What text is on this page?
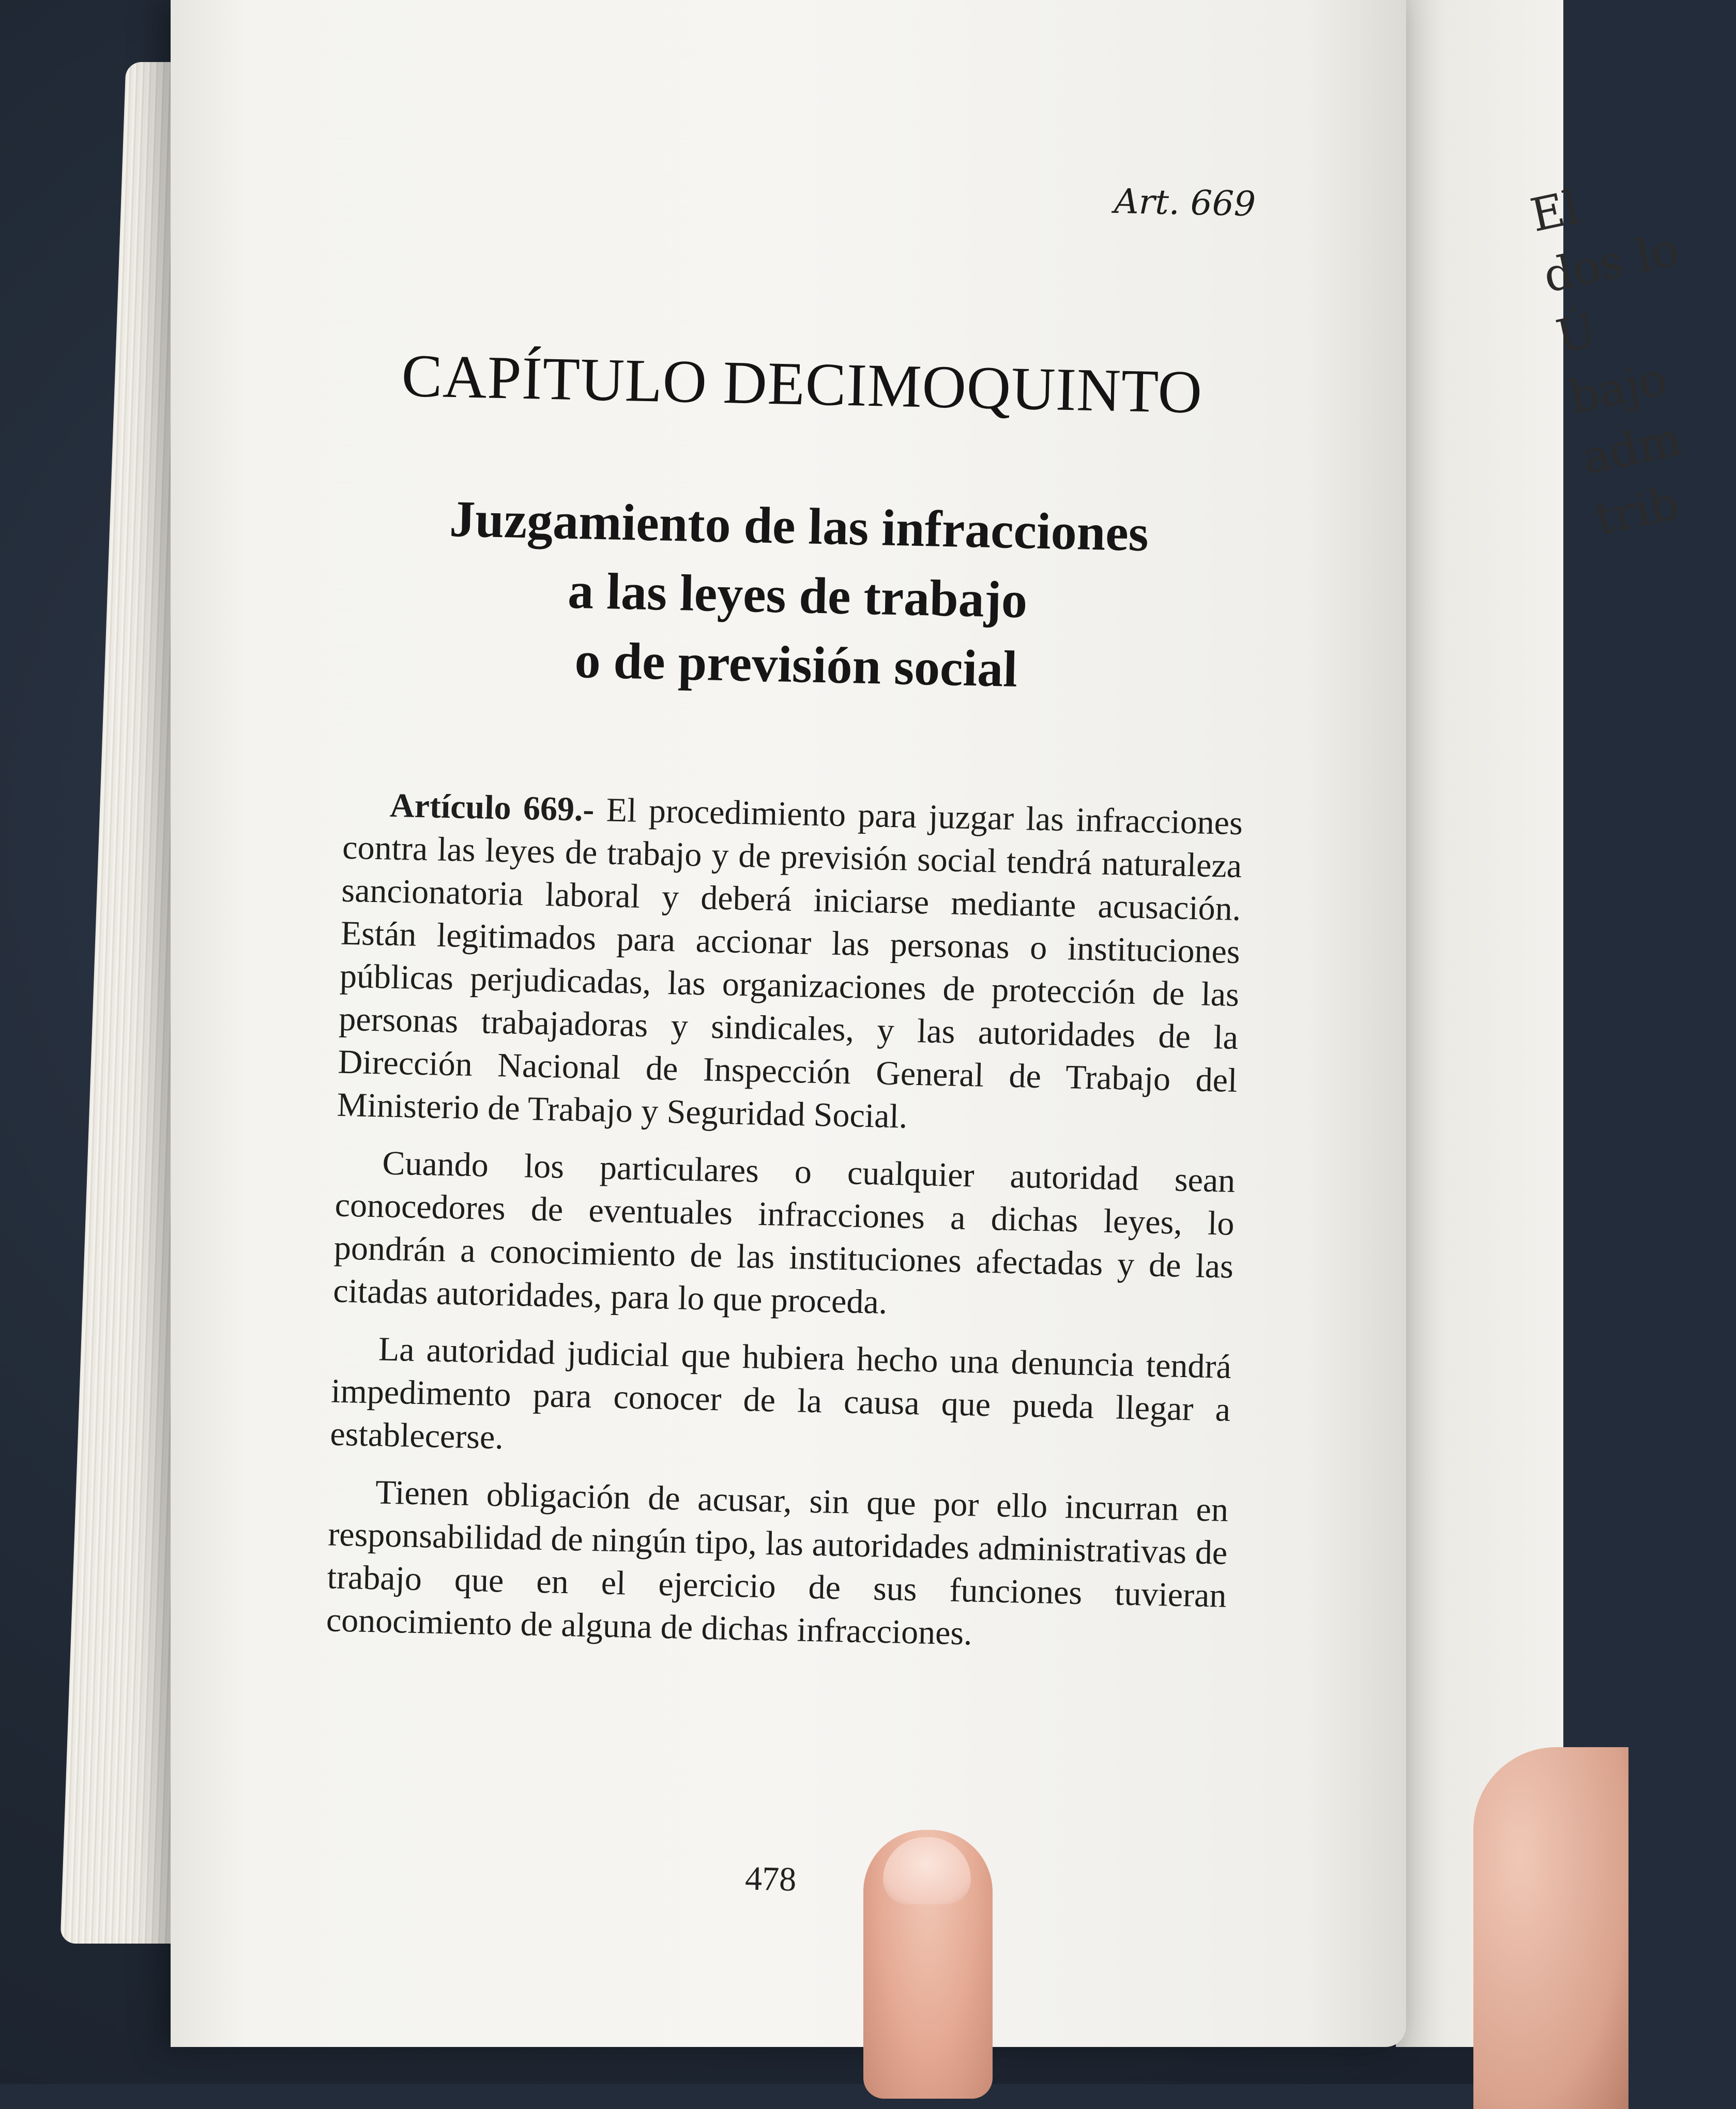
El
dos lo
Ú
bajo
adm
trib
Art. 669
CAPÍTULO DECIMOQUINTO
Juzgamiento de las infracciones
a las leyes de trabajo
o de previsión social

Artículo 669.- El procedimiento para juzgar las infracciones contra las leyes de trabajo y de previsión social tendrá naturaleza sancionatoria laboral y deberá iniciarse mediante acusación. Están legitimados para accionar las personas o instituciones públicas perjudicadas, las organizaciones de protección de las personas trabajadoras y sindicales, y las autoridades de la Dirección Nacional de Inspección General de Trabajo del Ministerio de Trabajo y Seguridad Social.

Cuando los particulares o cualquier autoridad sean conocedores de eventuales infracciones a dichas leyes, lo pondrán a conocimiento de las instituciones afectadas y de las citadas autoridades, para lo que proceda.

La autoridad judicial que hubiera hecho una denuncia tendrá impedimento para conocer de la causa que pueda llegar a establecerse.

Tienen obligación de acusar, sin que por ello incurran en responsabilidad de ningún tipo, las autoridades administrativas de trabajo que en el ejercicio de sus funciones tuvieran conocimiento de alguna de dichas infracciones.

478
